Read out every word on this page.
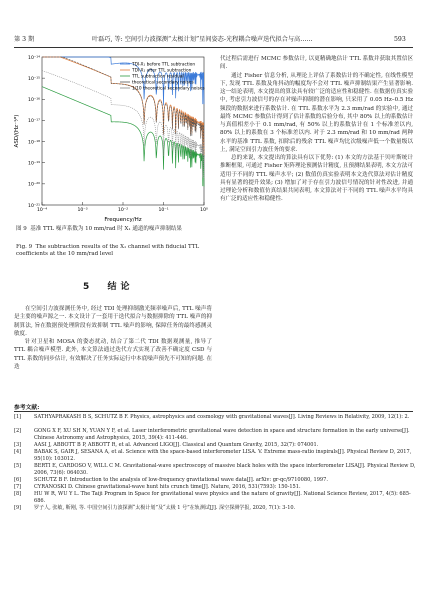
第 3 期	叶磊巧, 等: 空间引力波探测“太极计划”星间姿态-光程耦合噪声迭代拟合与高……	593
10⁻¹⁴
10⁻¹⁵
10⁻¹⁶
10⁻¹⁷
10⁻¹⁸
10⁻¹⁹
10⁻²⁰
10⁻²¹
10⁻⁴	10⁻³	10⁻²	10⁻¹	10⁰
TDI-X₁ before TTL subtraction
TDI-X₁ after TTL subtraction
TTL subtraction residual
theoretical secondary noises
1/10 theoretical secondary noises
Frequency/Hz
ASD/(Hz⁻¹⁄²)
图 9 基准 TTL 噪声系数为 10 mm/rad 时 X₁ 通道的噪声抑制结果
Fig. 9 The subtraction results of the X₁ channel with fiducial TTL coefficients at the 10 mm/rad level
5 结论

在空间引力波探测任务中, 经过 TDI 处理抑制激光频率噪声后, TTL 噪声将是主要的噪声源之一. 本文设计了一套用于迭代拟合与数据抑除的 TTL 噪声的抑制算法, 旨在数据预处理阶段有效抑制 TTL 噪声的影响, 保障任务的最终感测灵敏度.

针对卫星和 MOSA 的姿态扰动, 结合了第二代 TDI 数据观测量, 推导了 TTL 耦合噪声模型. 此外, 本文算法通过迭代方式实现了改善不确定度 CSD 与 TTL 系数的同步估计, 有效解决了任务实际运行中本底噪声预先不可知的问题. 在迭

代过程后需进行 MCMC 参数估计, 以更精确地估计 TTL 系数并获取其置信区间.

通过 Fisher 信息分析, 从理论上评估了系数估计的不确定性, 在线性模型下, 发现 TTL 系数及角抖动的幅度均不会对 TTL 噪声抑制结果产生显著影响. 这一结论表明, 本文提出的算法具有较广泛的适应性和稳健性. 在数据仿真实验中, 考虑引力波信号的存在对噪声抑制的潜在影响, 只采用了 0.05 Hz–0.5 Hz 频段的数据来进行系数估计. 在 TTL 系数水平为 2.3 mm/rad 的实验中, 通过最终 MCMC 参数估计得到了估计系数的后验分布, 其中 80% 以上的系数估计与真值相差小于 0.1 mm/rad, 有 50% 以上的系数估计在 1 个标准差以内, 80% 以上的系数在 3 个标准差以内. 对于 2.3 mm/rad 和 10 mm/rad 两种水平的基准 TTL 系数, 扣除后的残余 TTL 噪声均比次级噪声低一个数量级以上, 满足空间引力波任务的要求.

总的来说, 本文提出的算法具有以下优势: (1) 本文的方法基于贝叶斯统计推断框架, 可通过 Fisher 矩阵理论预测估计精度, 且预测结果表明, 本文方法可适用于不同的 TTL 噪声水平; (2) 数值仿真实验表明本文迭代算法对估计精度具有显著的提升效果; (3) 增加了对于存在引力波信号情况的针对性改进, 并通过理论分析和数值仿真结果共同表明, 本文算法对于不同的 TTL 噪声水平均具有广泛的适应性和稳健性.

参考文献:
[1]	SATHYAPRAKASH B S, SCHUTZ B F. Physics, astrophysics and cosmology with gravitational waves[J]. Living Reviews in Relativity, 2009, 12(1): 2.
[2]	GONG X F, XU SH N, YUAN Y F, et al. Laser interferometric gravitational wave detection in space and structure formation in the early universe[J]. Chinese Astronomy and Astrophysics, 2015, 39(4): 411-446.
[3]	AASI J, ABBOTT B P, ABBOTT R, et al. Advanced LIGO[J]. Classical and Quantum Gravity, 2015, 32(7): 074001.
[4]	BABAK S, GAIR J, SESANA A, et al. Science with the space-based interferometer LISA. V. Extreme mass-ratio inspirals[J]. Physical Review D, 2017, 95(10): 103012.
[5]	BERTI E, CARDOSO V, WILL C M. Gravitational-wave spectroscopy of massive black holes with the space interferometer LISA[J]. Physical Review D, 2006, 73(6): 064030.
[6]	SCHUTZ B F. Introduction to the analysis of low-frequency gravitational wave data[J]. arXiv: gr-qc/9710080, 1997.
[7]	CYRANOSKI D. Chinese gravitational-wave hunt hits crunch time[J]. Nature, 2016, 531(7593): 150-151.
[8]	HU W R, WU Y L. The Taiji Program in Space for gravitational wave physics and the nature of gravity[J]. National Science Review, 2017, 4(5): 685-686.
[9]	罗子人, 张敏, 靳刚, 等. 中国空间引力波探测“太极计划”及“太极 1 号”在轨测试[J]. 深空探测学报, 2020, 7(1): 3-10.
